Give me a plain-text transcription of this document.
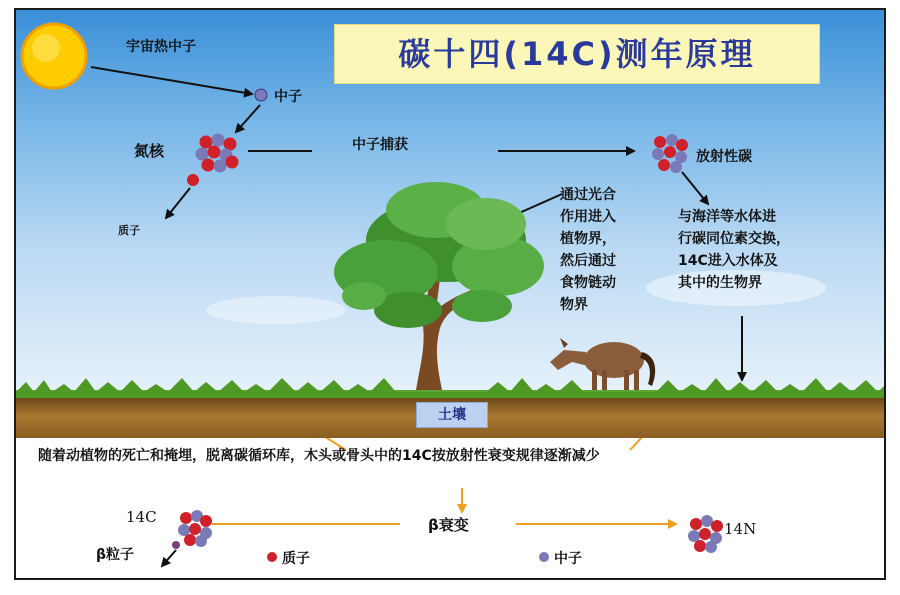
碳十四(14C)测年原理
宇宙热中子
中子
氮核
质子
中子捕获
放射性碳
通过光合
作用进入
植物界，
然后通过
食物链动
物界
与海洋等水体进
行碳同位素交换，
14C进入水体及
其中的生物界
土壤
随着动植物的死亡和掩埋，脱离碳循环库，木头或骨头中的14C按放射性衰变规律逐渐减少
14C
β粒子
β衰变
质子	中子
14N
